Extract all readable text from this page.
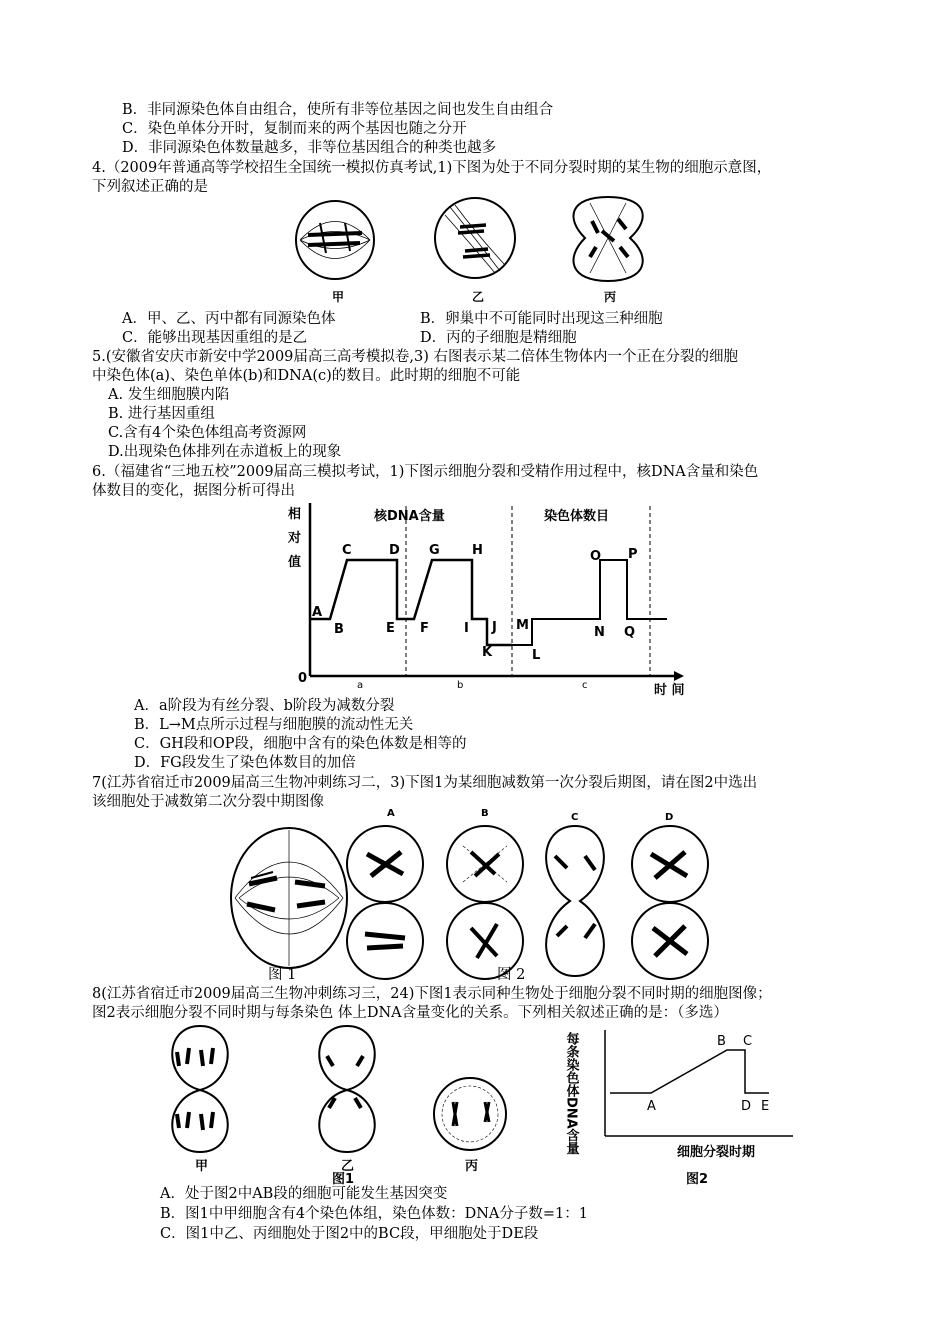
B．非同源染色体自由组合，使所有非等位基因之间也发生自由组合
C．染色单体分开时，复制而来的两个基因也随之分开
D．非同源染色体数量越多，非等位基因组合的种类也越多
4.（2009年普通高等学校招生全国统一模拟仿真考试,1)下图为处于不同分裂时期的某生物的细胞示意图，
下列叙述正确的是
甲	乙	丙
A．甲、乙、丙中都有同源染色体	B．卵巢中不可能同时出现这三种细胞
C．能够出现基因重组的是乙	D．丙的子细胞是精细胞
5.(安徽省安庆市新安中学2009届高三高考模拟卷,3) 右图表示某二倍体生物体内一个正在分裂的细胞
中染色体(a)、染色单体(b)和DNA(c)的数目。此时期的细胞不可能
A. 发生细胞膜内陷
B. 进行基因重组
C.含有4个染色体组高考资源网
D.出现染色体排列在赤道板上的现象
6.（福建省“三地五校”2009届高三模拟考试，1)下图示细胞分裂和受精作用过程中，核DNA含量和染色
体数目的变化，据图分析可得出
相
对
值
0
时 间
核DNA含量	染色体数目
A
B
C	D
E F
G H
I J
K	L
M	N
O P
Q
a	b	c
A．a阶段为有丝分裂、b阶段为减数分裂
B．L→M点所示过程与细胞膜的流动性无关
C．GH段和OP段，细胞中含有的染色体数是相等的
D．FG段发生了染色体数目的加倍
7(江苏省宿迁市2009届高三生物冲刺练习二，3)下图1为某细胞减数第一次分裂后期图，请在图2中选出
该细胞处于减数第二次分裂中期图像
A	B	C	D
图 1	图 2
8(江苏省宿迁市2009届高三生物冲刺练习三，24)下图1表示同种生物处于细胞分裂不同时期的细胞图像；
图2表示细胞分裂不同时期与每条染色 体上DNA含量变化的关系。下列相关叙述正确的是：（多选）
甲	乙	丙
图1
每条染色体DNA含量	A
B C
D E
细胞分裂时期
图2
A．处于图2中AB段的细胞可能发生基因突变
B．图1中甲细胞含有4个染色体组，染色体数：DNA分子数=1：1
C．图1中乙、丙细胞处于图2中的BC段，甲细胞处于DE段
